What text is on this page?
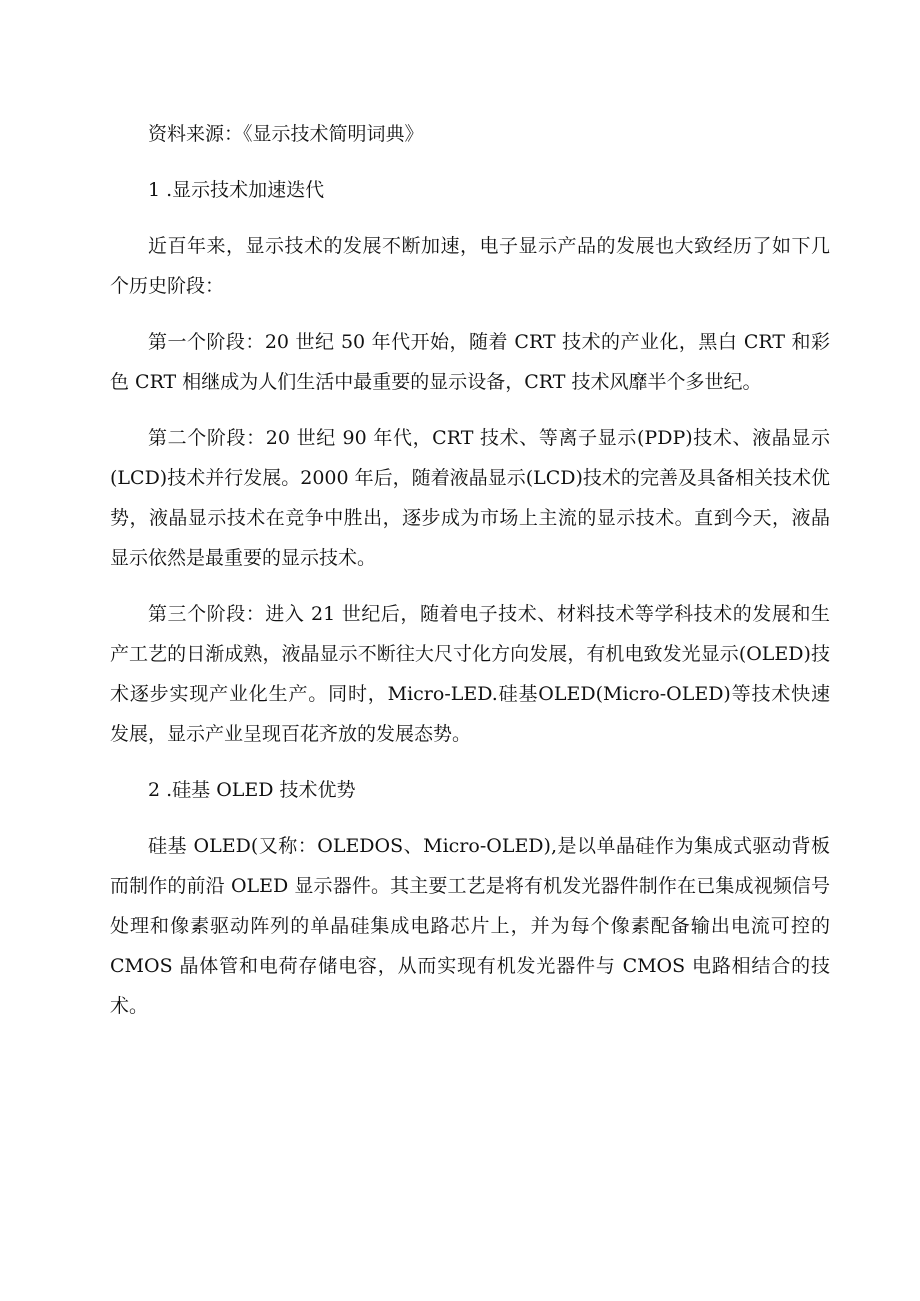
资料来源：《显示技术简明词典》

1 .显示技术加速迭代

近百年来，显示技术的发展不断加速，电子显示产品的发展也大致经历了如下几个历史阶段：

第一个阶段：20 世纪 50 年代开始，随着 CRT 技术的产业化，黑白 CRT 和彩色 CRT 相继成为人们生活中最重要的显示设备，CRT 技术风靡半个多世纪。

第二个阶段：20 世纪 90 年代，CRT 技术、等离子显示(PDP)技术、液晶显示(LCD)技术并行发展。2000 年后，随着液晶显示(LCD)技术的完善及具备相关技术优势，液晶显示技术在竞争中胜出，逐步成为市场上主流的显示技术。直到今天，液晶显示依然是最重要的显示技术。

第三个阶段：进入 21 世纪后，随着电子技术、材料技术等学科技术的发展和生产工艺的日渐成熟，液晶显示不断往大尺寸化方向发展，有机电致发光显示(OLED)技术逐步实现产业化生产。同时，Micro-LED.硅基OLED(Micro-OLED)等技术快速发展，显示产业呈现百花齐放的发展态势。

2 .硅基 OLED 技术优势

硅基 OLED(又称：OLEDOS、Micro-OLED),是以单晶硅作为集成式驱动背板而制作的前沿 OLED 显示器件。其主要工艺是将有机发光器件制作在已集成视频信号处理和像素驱动阵列的单晶硅集成电路芯片上，并为每个像素配备输出电流可控的 CMOS 晶体管和电荷存储电容，从而实现有机发光器件与 CMOS 电路相结合的技术。
